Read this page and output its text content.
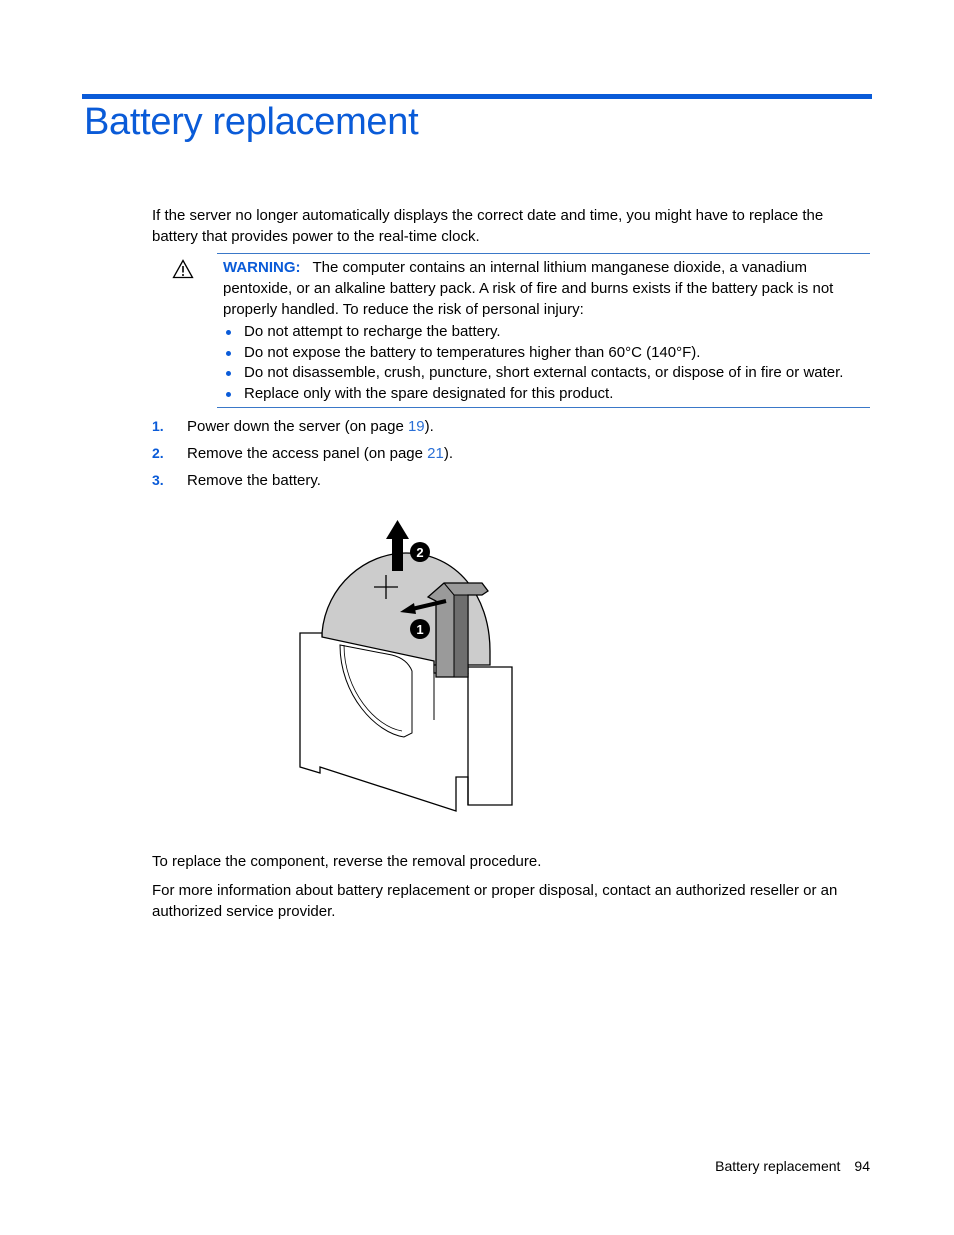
Battery replacement

If the server no longer automatically displays the correct date and time, you might have to replace the battery that provides power to the real-time clock.

WARNING: The computer contains an internal lithium manganese dioxide, a vanadium pentoxide, or an alkaline battery pack. A risk of fire and burns exists if the battery pack is not properly handled. To reduce the risk of personal injury:
Do not attempt to recharge the battery.
Do not expose the battery to temperatures higher than 60°C (140°F).
Do not disassemble, crush, puncture, short external contacts, or dispose of in fire or water.
Replace only with the spare designated for this product.
1. Power down the server (on page 19).
2. Remove the access panel (on page 21).
3. Remove the battery.
2
1

To replace the component, reverse the removal procedure.

For more information about battery replacement or proper disposal, contact an authorized reseller or an authorized service provider.

Battery replacement 94
